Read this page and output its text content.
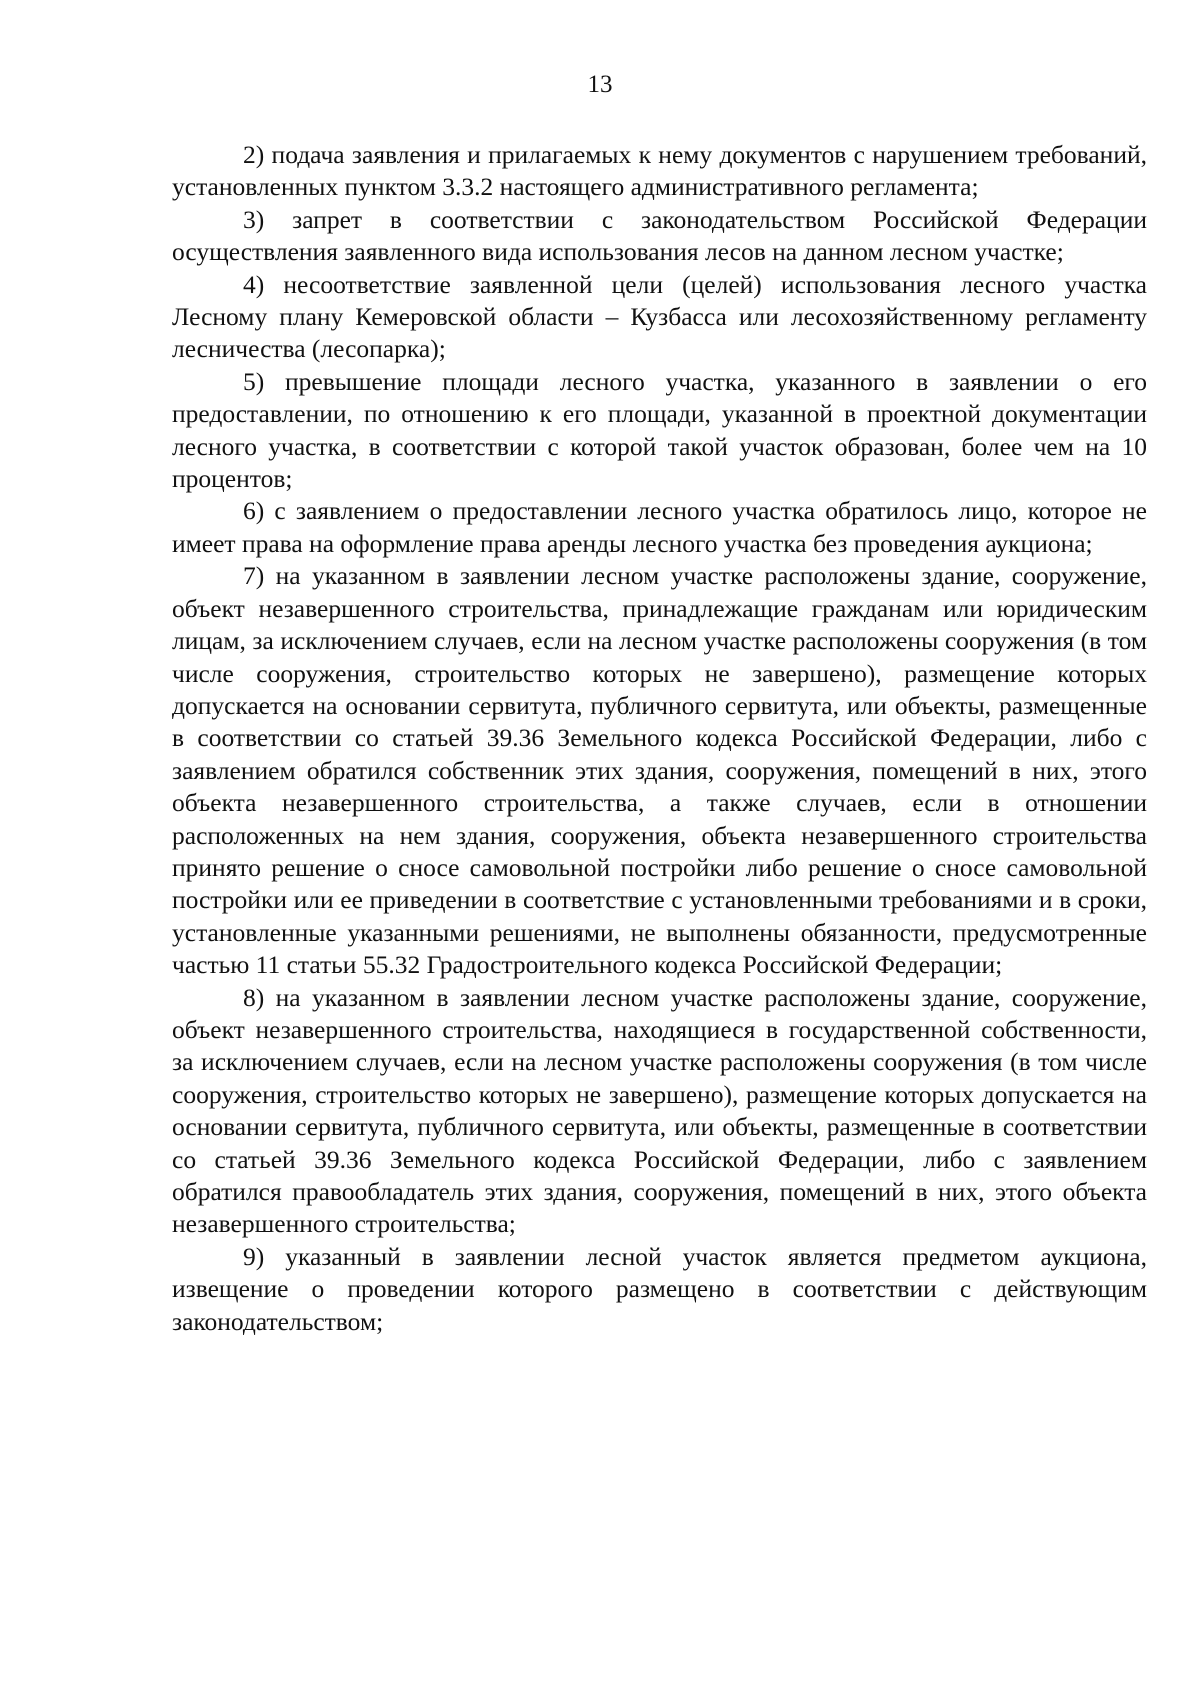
13

2) подача заявления и прилагаемых к нему документов с нарушением требований, установленных пунктом 3.3.2 настоящего административного регламента;

3) запрет в соответствии с законодательством Российской Федерации осуществления заявленного вида использования лесов на данном лесном участке;

4) несоответствие заявленной цели (целей) использования лесного участка Лесному плану Кемеровской области – Кузбасса или лесохозяйственному регламенту лесничества (лесопарка);

5) превышение площади лесного участка, указанного в заявлении о его предоставлении, по отношению к его площади, указанной в проектной документации лесного участка, в соответствии с которой такой участок образован, более чем на 10 процентов;

6) с заявлением о предоставлении лесного участка обратилось лицо, которое не имеет права на оформление права аренды лесного участка без проведения аукциона;

7) на указанном в заявлении лесном участке расположены здание, сооружение, объект незавершенного строительства, принадлежащие гражданам или юридическим лицам, за исключением случаев, если на лесном участке расположены сооружения (в том числе сооружения, строительство которых не завершено), размещение которых допускается на основании сервитута, публичного сервитута, или объекты, размещенные в соответствии со статьей 39.36 Земельного кодекса Российской Федерации, либо с заявлением обратился собственник этих здания, сооружения, помещений в них, этого объекта незавершенного строительства, а также случаев, если в отношении расположенных на нем здания, сооружения, объекта незавершенного строительства принято решение о сносе самовольной постройки либо решение о сносе самовольной постройки или ее приведении в соответствие с установленными требованиями и в сроки, установленные указанными решениями, не выполнены обязанности, предусмотренные частью 11 статьи 55.32 Градостроительного кодекса Российской Федерации;

8) на указанном в заявлении лесном участке расположены здание, сооружение, объект незавершенного строительства, находящиеся в государственной собственности, за исключением случаев, если на лесном участке расположены сооружения (в том числе сооружения, строительство которых не завершено), размещение которых допускается на основании сервитута, публичного сервитута, или объекты, размещенные в соответствии со статьей 39.36 Земельного кодекса Российской Федерации, либо с заявлением обратился правообладатель этих здания, сооружения, помещений в них, этого объекта незавершенного строительства;

9) указанный в заявлении лесной участок является предметом аукциона, извещение о проведении которого размещено в соответствии с действующим законодательством;
